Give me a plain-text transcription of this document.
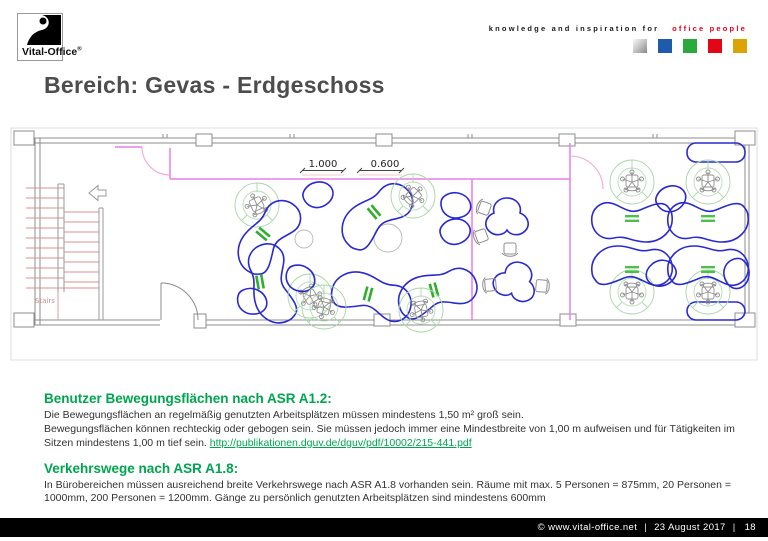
Vital-Office®
knowledge and inspiration for office people
Bereich: Gevas - Erdgeschoss
Stairs
1.000	0.600

Benutzer Bewegungsflächen nach ASR A1.2:

Die Bewegungsflächen an regelmäßig genutzten Arbeitsplätzen müssen mindestens 1,50 m² groß sein.

Bewegungsflächen können rechteckig oder gebogen sein. Sie müssen jedoch immer eine Mindestbreite von 1,00 m aufweisen und für Tätigkeiten im Sitzen mindestens 1,00 m tief sein. http://publikationen.dguv.de/dguv/pdf/10002/215-441.pdf

Verkehrswege nach ASR A1.8:

In Bürobereichen müssen ausreichend breite Verkehrswege nach ASR A1.8 vorhanden sein. Räume mit max. 5 Personen = 875mm, 20 Personen = 1000mm, 200 Personen = 1200mm. Gänge zu persönlich genutzten Arbeitsplätzen sind mindestens 600mm

© www.vital-office.net | 23 August 2017 | 18
